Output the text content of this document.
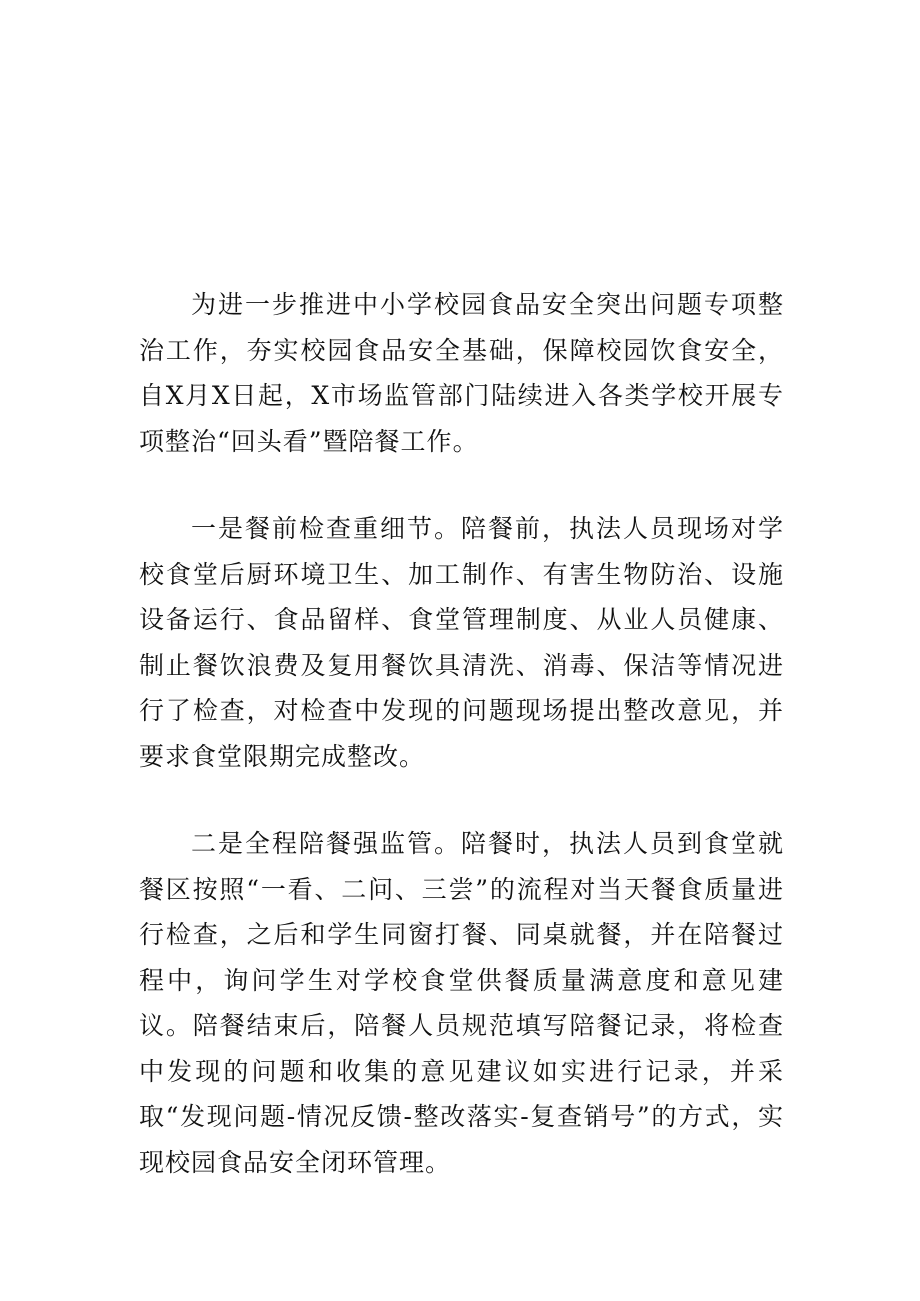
为进一步推进中小学校园食品安全突出问题专项整治工作，夯实校园食品安全基础，保障校园饮食安全，自X月X日起，X市场监管部门陆续进入各类学校开展专项整治“回头看”暨陪餐工作。

一是餐前检查重细节。陪餐前，执法人员现场对学校食堂后厨环境卫生、加工制作、有害生物防治、设施设备运行、食品留样、食堂管理制度、从业人员健康、制止餐饮浪费及复用餐饮具清洗、消毒、保洁等情况进行了检查，对检查中发现的问题现场提出整改意见，并要求食堂限期完成整改。

二是全程陪餐强监管。陪餐时，执法人员到食堂就餐区按照“一看、二问、三尝”的流程对当天餐食质量进行检查，之后和学生同窗打餐、同桌就餐，并在陪餐过程中，询问学生对学校食堂供餐质量满意度和意见建议。陪餐结束后，陪餐人员规范填写陪餐记录，将检查中发现的问题和收集的意见建议如实进行记录，并采取“发现问题-情况反馈-整改落实-复查销号”的方式，实现校园食品安全闭环管理。
